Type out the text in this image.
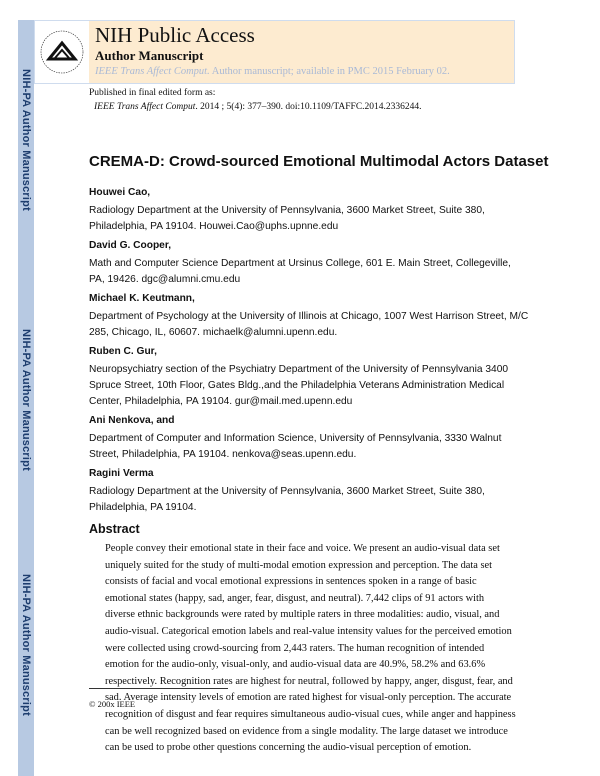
NIH-PA Author Manuscript
NIH-PA Author Manuscript
NIH-PA Author Manuscript
NIH Public Access
Author Manuscript
IEEE Trans Affect Comput. Author manuscript; available in PMC 2015 February 02.
Published in final edited form as:
IEEE Trans Affect Comput. 2014 ; 5(4): 377–390. doi:10.1109/TAFFC.2014.2336244.
CREMA-D: Crowd-sourced Emotional Multimodal Actors Dataset
Houwei Cao,
Radiology Department at the University of Pennsylvania, 3600 Market Street, Suite 380,
Philadelphia, PA 19104. Houwei.Cao@uphs.upnne.edu
David G. Cooper,
Math and Computer Science Department at Ursinus College, 601 E. Main Street, Collegeville,
PA, 19426. dgc@alumni.cmu.edu
Michael K. Keutmann,
Department of Psychology at the University of Illinois at Chicago, 1007 West Harrison Street, M/C
285, Chicago, IL, 60607. michaelk@alumni.upenn.edu.
Ruben C. Gur,
Neuropsychiatry section of the Psychiatry Department of the University of Pennsylvania 3400
Spruce Street, 10th Floor, Gates Bldg.,and the Philadelphia Veterans Administration Medical
Center, Philadelphia, PA 19104. gur@mail.med.upenn.edu
Ani Nenkova, and
Department of Computer and Information Science, University of Pennsylvania, 3330 Walnut
Street, Philadelphia, PA 19104. nenkova@seas.upenn.edu.
Ragini Verma
Radiology Department at the University of Pennsylvania, 3600 Market Street, Suite 380,
Philadelphia, PA 19104.
Abstract
People convey their emotional state in their face and voice. We present an audio-visual data set
uniquely suited for the study of multi-modal emotion expression and perception. The data set
consists of facial and vocal emotional expressions in sentences spoken in a range of basic
emotional states (happy, sad, anger, fear, disgust, and neutral). 7,442 clips of 91 actors with
diverse ethnic backgrounds were rated by multiple raters in three modalities: audio, visual, and
audio-visual. Categorical emotion labels and real-value intensity values for the perceived emotion
were collected using crowd-sourcing from 2,443 raters. The human recognition of intended
emotion for the audio-only, visual-only, and audio-visual data are 40.9%, 58.2% and 63.6%
respectively. Recognition rates are highest for neutral, followed by happy, anger, disgust, fear, and
sad. Average intensity levels of emotion are rated highest for visual-only perception. The accurate
recognition of disgust and fear requires simultaneous audio-visual cues, while anger and happiness
can be well recognized based on evidence from a single modality. The large dataset we introduce
can be used to probe other questions concerning the audio-visual perception of emotion.
© 200x IEEE
